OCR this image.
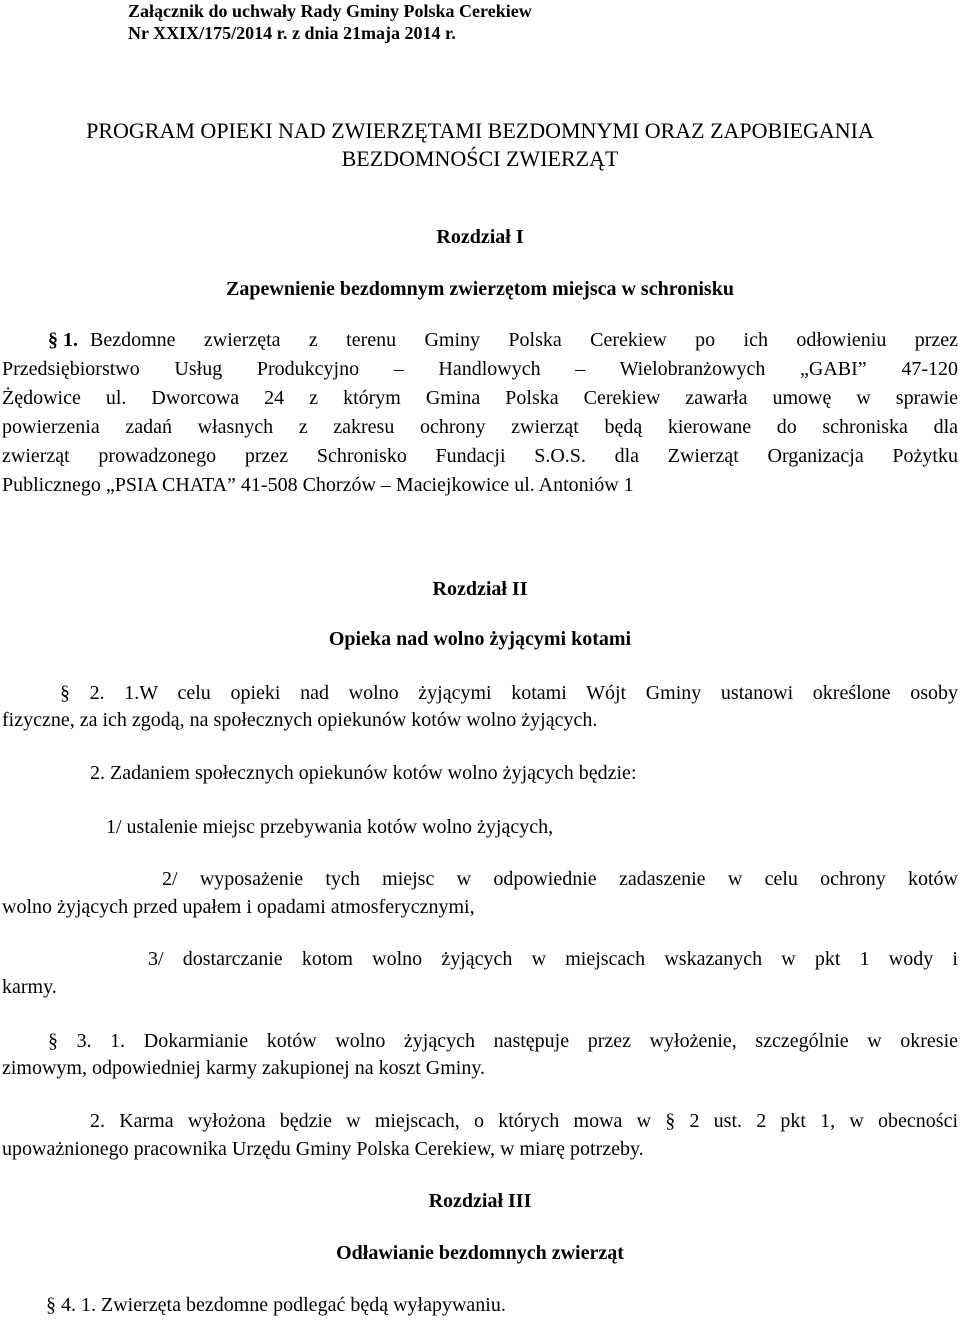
Załącznik do uchwały Rady Gminy Polska Cerekiew
Nr XXIX/175/2014 r. z dnia 21maja 2014 r.
PROGRAM OPIEKI NAD ZWIERZĘTAMI BEZDOMNYMI ORAZ ZAPOBIEGANIA
BEZDOMNOŚCI ZWIERZĄT
Rozdział I
Zapewnienie bezdomnym zwierzętom miejsca w schronisku
§ 1. Bezdomne zwierzęta z terenu Gminy Polska Cerekiew po ich odłowieniu przez
Przedsiębiorstwo Usług Produkcyjno – Handlowych – Wielobranżowych „GABI” 47-120
Żędowice ul. Dworcowa 24 z którym Gmina Polska Cerekiew zawarła umowę w sprawie
powierzenia zadań własnych z zakresu ochrony zwierząt będą kierowane do schroniska dla
zwierząt prowadzonego przez Schronisko Fundacji S.O.S. dla Zwierząt Organizacja Pożytku
Publicznego „PSIA CHATA” 41-508 Chorzów – Maciejkowice ul. Antoniów 1
Rozdział II
Opieka nad wolno żyjącymi kotami
§ 2. 1.W celu opieki nad wolno żyjącymi kotami Wójt Gminy ustanowi określone osoby
fizyczne, za ich zgodą, na społecznych opiekunów kotów wolno żyjących.
2. Zadaniem społecznych opiekunów kotów wolno żyjących będzie:
1/ ustalenie miejsc przebywania kotów wolno żyjących,
2/ wyposażenie tych miejsc w odpowiednie zadaszenie w celu ochrony kotów
wolno żyjących przed upałem i opadami atmosferycznymi,
3/ dostarczanie kotom wolno żyjących w miejscach wskazanych w pkt 1 wody i
karmy.
§ 3. 1. Dokarmianie kotów wolno żyjących następuje przez wyłożenie, szczególnie w okresie
zimowym, odpowiedniej karmy zakupionej na koszt Gminy.
2. Karma wyłożona będzie w miejscach, o których mowa w § 2 ust. 2 pkt 1, w obecności
upoważnionego pracownika Urzędu Gminy Polska Cerekiew, w miarę potrzeby.
Rozdział III
Odławianie bezdomnych zwierząt
§ 4. 1. Zwierzęta bezdomne podlegać będą wyłapywaniu.
